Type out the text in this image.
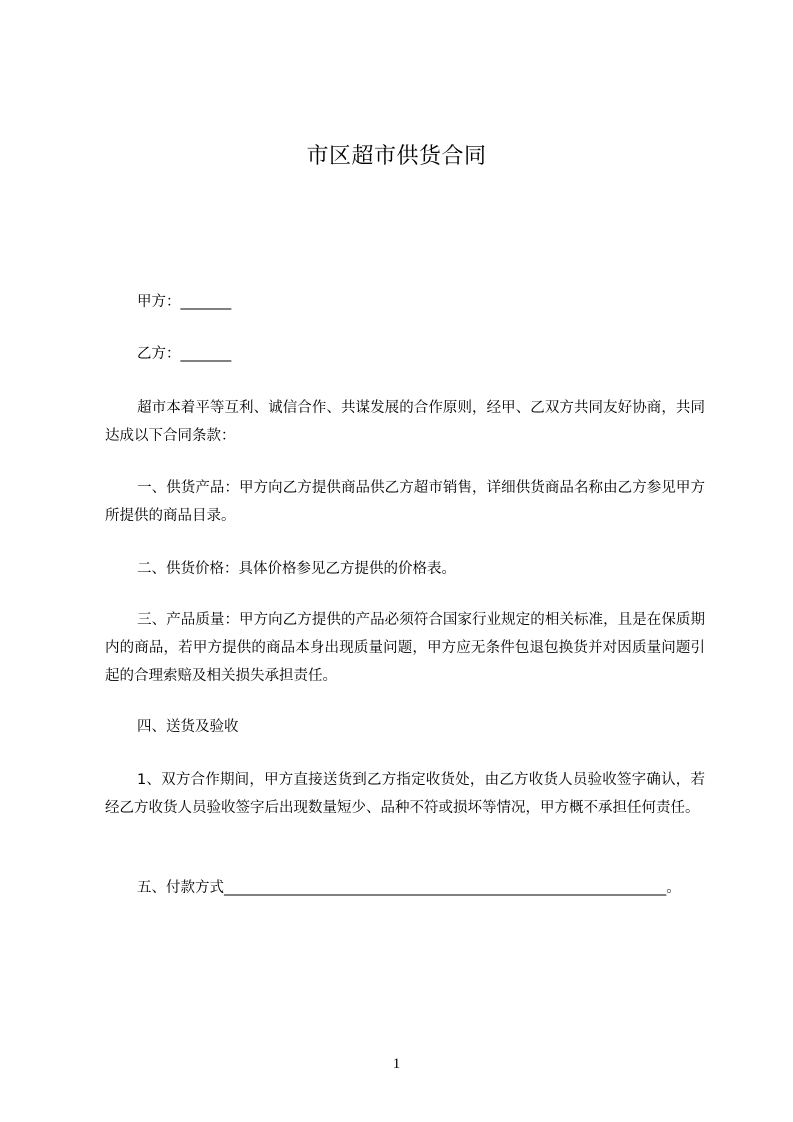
市区超市供货合同
甲方：_______
乙方：_______
超市本着平等互利、诚信合作、共谋发展的合作原则，经甲、乙双方共同友好协商，共同达成以下合同条款：
一、供货产品：甲方向乙方提供商品供乙方超市销售，详细供货商品名称由乙方参见甲方所提供的商品目录。
二、供货价格：具体价格参见乙方提供的价格表。
三、产品质量：甲方向乙方提供的产品必须符合国家行业规定的相关标准，且是在保质期内的商品，若甲方提供的商品本身出现质量问题，甲方应无条件包退包换货并对因质量问题引起的合理索赔及相关损失承担责任。
四、送货及验收
1、双方合作期间，甲方直接送货到乙方指定收货处，由乙方收货人员验收签字确认，若经乙方收货人员验收签字后出现数量短少、品种不符或损坏等情况，甲方概不承担任何责任。
五、付款方式_____________________________________________________________。
1
